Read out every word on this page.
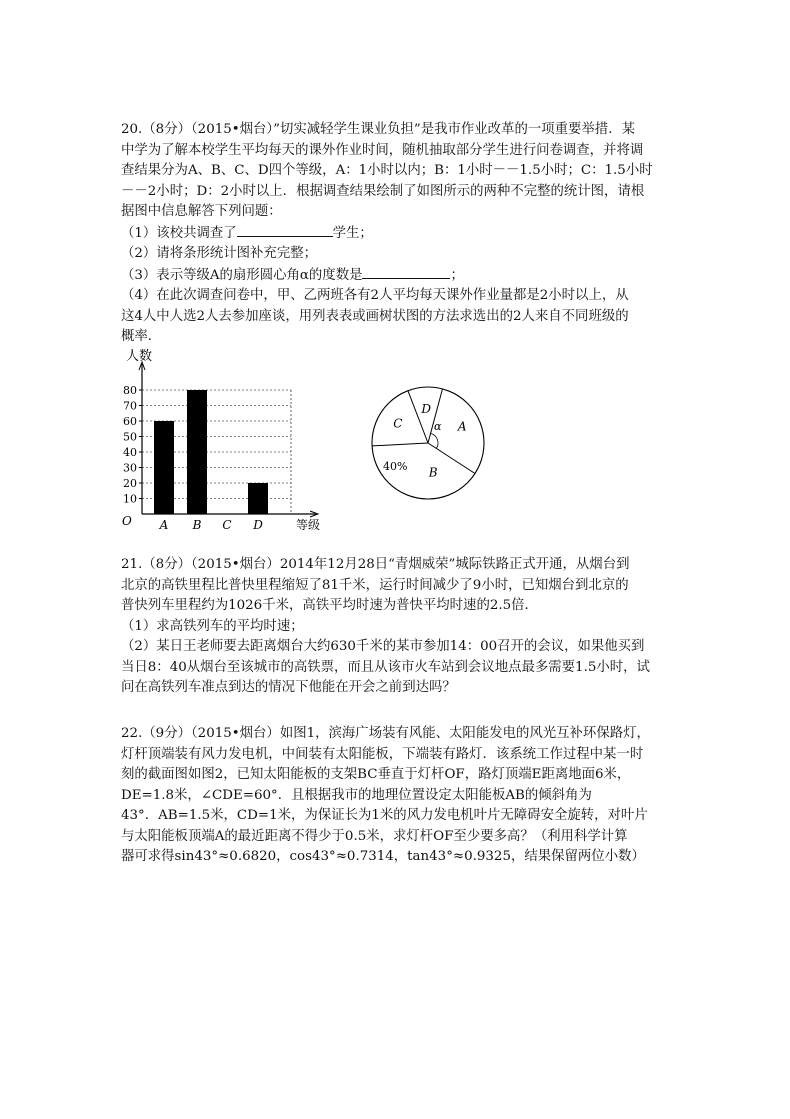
20.（8分）（2015•烟台）”切实减轻学生课业负担”是我市作业改革的一项重要举措．某

中学为了解本校学生平均每天的课外作业时间，随机抽取部分学生进行问卷调查，并将调

查结果分为A、B、C、D四个等级，A：1小时以内；B：1小时－－1.5小时；C：1.5小时

－－2小时；D：2小时以上．根据调查结果绘制了如图所示的两种不完整的统计图，请根

据图中信息解答下列问题：

（1）该校共调查了	学生；

（2）请将条形统计图补充完整；

（3）表示等级A的扇形圆心角α的度数是	；

（4）在此次调查问卷中，甲、乙两班各有2人平均每天课外作业量都是2小时以上，从

这4人中人选2人去参加座谈，用列表表或画树状图的方法求选出的2人来自不同班级的

概率．

人数
等级
O
10
20
30
40
50
60
70
80
A B C D
A
B
C
D
α
40%

21.（8分）（2015•烟台）2014年12月28日“青烟威荣”城际铁路正式开通，从烟台到

北京的高铁里程比普快里程缩短了81千米，运行时间减少了9小时，已知烟台到北京的

普快列车里程约为1026千米，高铁平均时速为普快平均时速的2.5倍．

（1）求高铁列车的平均时速；

（2）某日王老师要去距离烟台大约630千米的某市参加14：00召开的会议，如果他买到

当日8：40从烟台至该城市的高铁票，而且从该市火车站到会议地点最多需要1.5小时，试

问在高铁列车准点到达的情况下他能在开会之前到达吗？

22.（9分）（2015•烟台）如图1，滨海广场装有风能、太阳能发电的风光互补环保路灯，

灯杆顶端装有风力发电机，中间装有太阳能板，下端装有路灯．该系统工作过程中某一时

刻的截面图如图2，已知太阳能板的支架BC垂直于灯杆OF，路灯顶端E距离地面6米，

DE=1.8米，∠CDE=60°．且根据我市的地理位置设定太阳能板AB的倾斜角为

43°．AB=1.5米，CD=1米，为保证长为1米的风力发电机叶片无障碍安全旋转，对叶片

与太阳能板顶端A的最近距离不得少于0.5米，求灯杆OF至少要多高？（利用科学计算

器可求得sin43°≈0.6820，cos43°≈0.7314，tan43°≈0.9325，结果保留两位小数）
